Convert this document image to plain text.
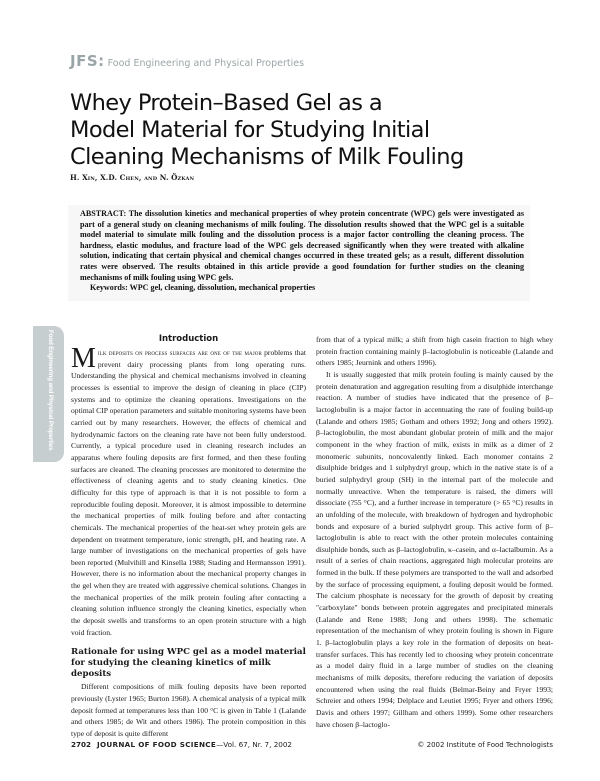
JFS: Food Engineering and Physical Properties
Whey Protein–Based Gel as a
Model Material for Studying Initial
Cleaning Mechanisms of Milk Fouling
H. Xin, X.D. Chen, and N. Özkan
ABSTRACT: The dissolution kinetics and mechanical properties of whey protein concentrate (WPC) gels were investigated as part of a general study on cleaning mechanisms of milk fouling. The dissolution results showed that the WPC gel is a suitable model material to simulate milk fouling and the dissolution process is a major factor controlling the cleaning process. The hardness, elastic modulus, and fracture load of the WPC gels decreased significantly when they were treated with alkaline solution, indicating that certain physical and chemical changes occurred in these treated gels; as a result, different dissolution rates were observed. The results obtained in this article provide a good foundation for further studies on the cleaning mechanisms of milk fouling using WPC gels.
Keywords: WPC gel, cleaning, dissolution, mechanical properties
Food Engineering and Physical Properties	Introduction

Milk deposits on process surfaces are one of the major problems that prevent dairy processing plants from long operating runs. Understanding the physical and chemical mechanisms involved in cleaning processes is essential to improve the design of cleaning in place (CIP) systems and to optimize the cleaning operations. Investigations on the optimal CIP operation parameters and suitable monitoring systems have been carried out by many researchers. However, the effects of chemical and hydrodynamic factors on the cleaning rate have not been fully understood. Currently, a typical procedure used in cleaning research includes an apparatus where fouling deposits are first formed, and then these fouling surfaces are cleaned. The cleaning processes are monitored to determine the effectiveness of cleaning agents and to study cleaning kinetics. One difficulty for this type of approach is that it is not possible to form a reproducible fouling deposit. Moreover, it is almost impossible to determine the mechanical properties of milk fouling before and after contacting chemicals. The mechanical properties of the heat-set whey protein gels are dependent on treatment temperature, ionic strength, pH, and heating rate. A large number of investigations on the mechanical properties of gels have been reported (Mulvihill and Kinsella 1988; Stading and Hermansson 1991). However, there is no information about the mechanical property changes in the gel when they are treated with aggressive chemical solutions. Changes in the mechanical properties of the milk protein fouling after contacting a cleaning solution influence strongly the cleaning kinetics, especially when the deposit swells and transforms to an open protein structure with a high void fraction.

Rationale for using WPC gel as a model material for studying the cleaning kinetics of milk deposits

Different compositions of milk fouling deposits have been reported previously (Lyster 1965; Burton 1968). A chemical analysis of a typical milk deposit formed at temperatures less than 100 °C is given in Table 1 (Lalande and others 1985; de Wit and others 1986). The protein composition in this type of deposit is quite different

from that of a typical milk; a shift from high casein fraction to high whey protein fraction containing mainly β–lactoglobulin is noticeable (Lalande and others 1985; Jeurnink and others 1996).

It is usually suggested that milk protein fouling is mainly caused by the protein denaturation and aggregation resulting from a disulphide interchange reaction. A number of studies have indicated that the presence of β–lactoglobulin is a major factor in accentuating the rate of fouling build-up (Lalande and others 1985; Gotham and others 1992; Jong and others 1992). β–lactoglobulin, the most abundant globular protein of milk and the major component in the whey fraction of milk, exists in milk as a dimer of 2 monomeric subunits, noncovalently linked. Each monomer contains 2 disulphide bridges and 1 sulphydryl group, which in the native state is of a buried sulphydryl group (SH) in the internal part of the molecule and normally unreactive. When the temperature is raised, the dimers will dissociate (?55 °C), and a further increase in temperature (> 65 °C) results in an unfolding of the molecule, with breakdown of hydrogen and hydrophobic bonds and exposure of a buried sulphydrl group. This active form of β–lactoglobulin is able to react with the other protein molecules containing disulphide bonds, such as β–lactoglobulin, κ–casein, and α–lactalbumin. As a result of a series of chain reactions, aggregated high molecular proteins are formed in the bulk. If these polymers are transported to the wall and adsorbed by the surface of processing equipment, a fouling deposit would be formed. The calcium phosphate is necessary for the growth of deposit by creating "carboxylate" bonds between protein aggregates and precipitated minerals (Lalande and Rene 1988; Jong and others 1998). The schematic representation of the mechanism of whey protein fouling is shown in Figure 1. β–lactoglobulin plays a key role in the formation of deposits on heat-transfer surfaces. This has recently led to choosing whey protein concentrate as a model dairy fluid in a large number of studies on the cleaning mechanisms of milk deposits, therefore reducing the variation of deposits encountered when using the real fluids (Belmar-Beiny and Fryer 1993; Schreier and others 1994; Delplace and Leutiet 1995; Fryer and others 1996; Davis and others 1997; Gillham and others 1999). Some other researchers have chosen β–lactoglo-

2702 JOURNAL OF FOOD SCIENCE—Vol. 67, Nr. 7, 2002	© 2002 Institute of Food Technologists
